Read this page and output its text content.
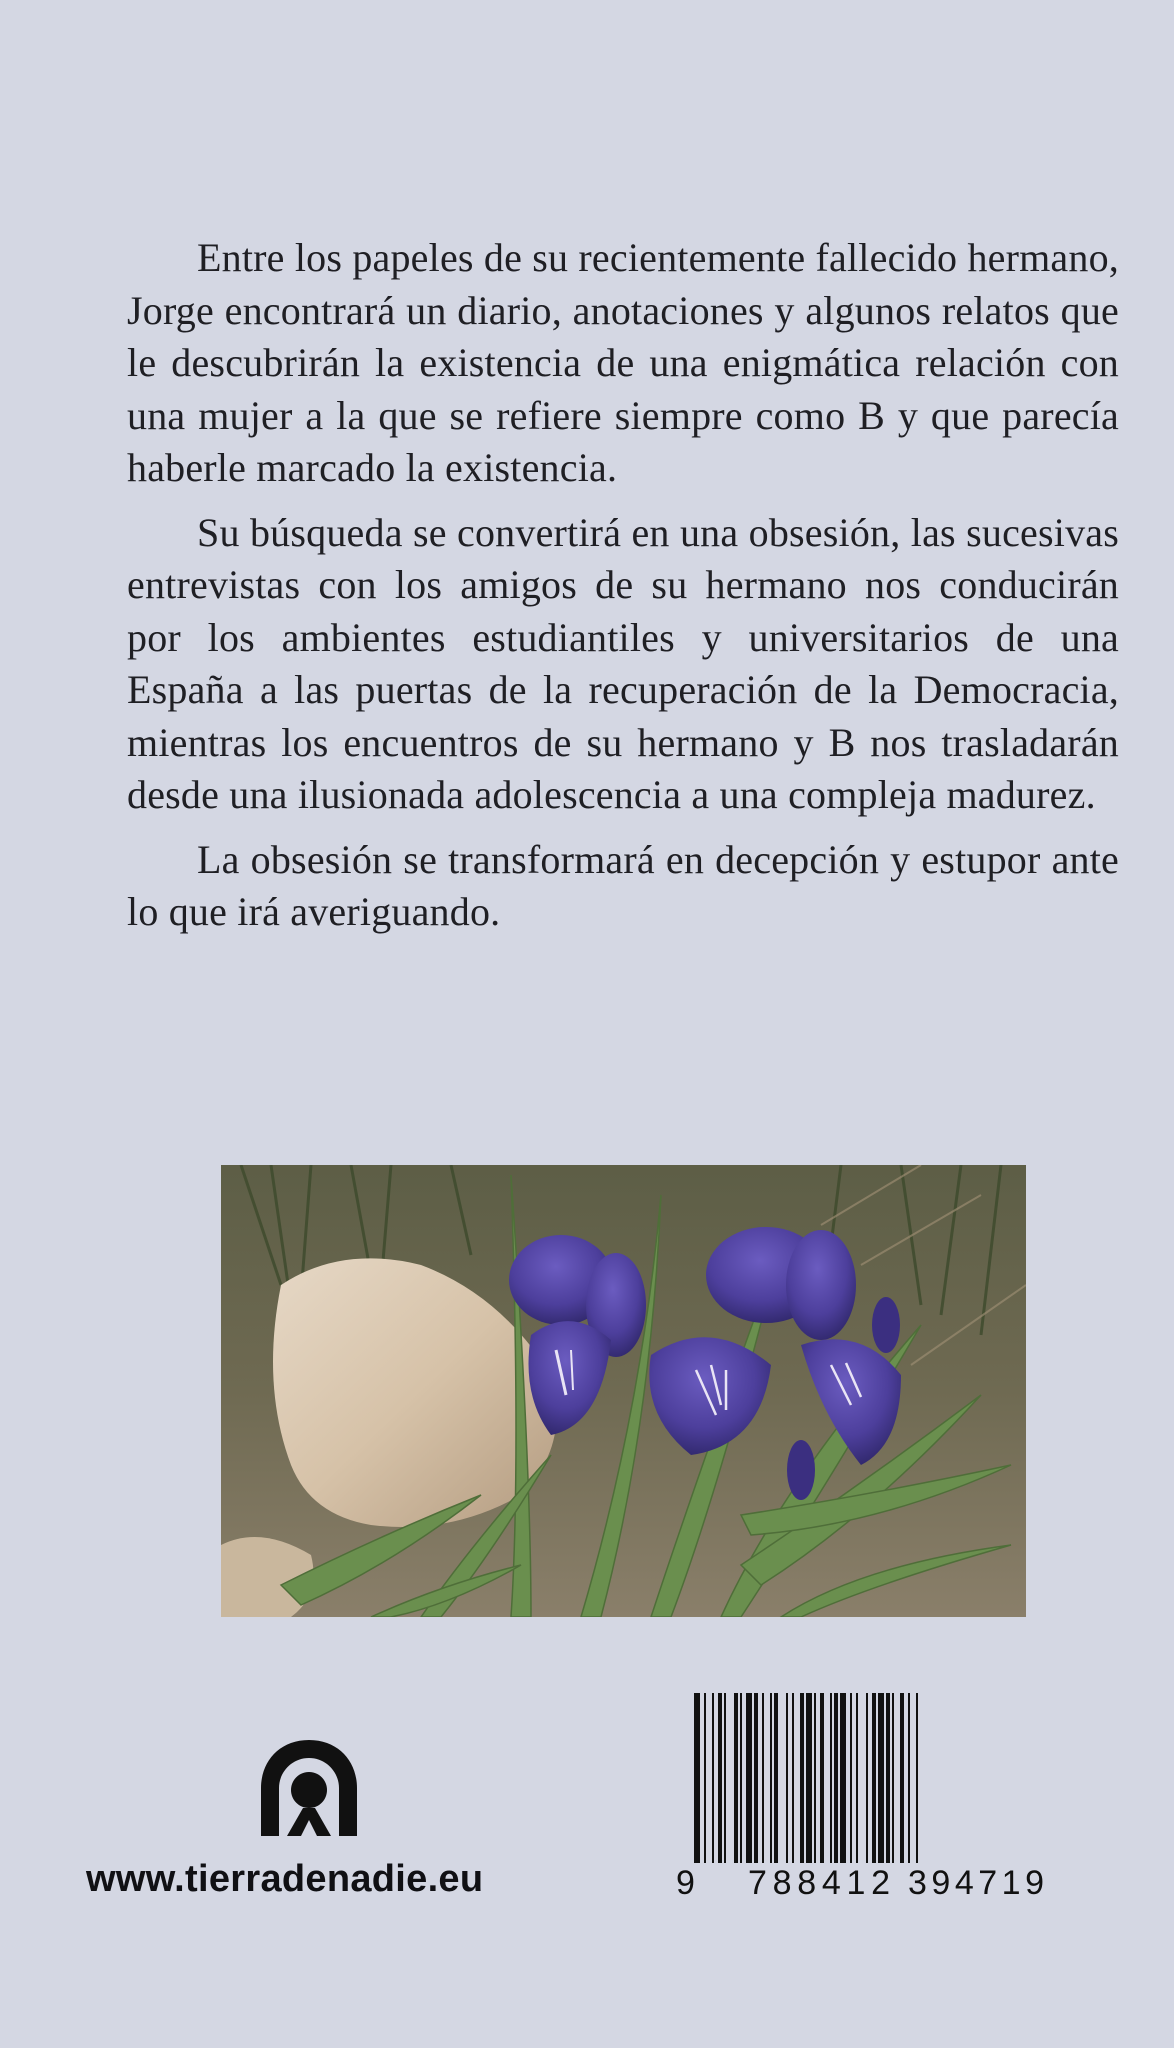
Entre los papeles de su recientemente fallecido hermano, Jorge encontrará un diario, anotaciones y algunos relatos que le descubrirán la existencia de una enigmática relación con una mujer a la que se refiere siempre como B y que parecía haberle marcado la existencia.

Su búsqueda se convertirá en una obsesión, las sucesivas entrevistas con los amigos de su hermano nos conducirán por los ambientes estudiantiles y universitarios de una España a las puertas de la recuperación de la Democracia, mientras los encuentros de su hermano y B nos trasladarán desde una ilusionada adolescencia a una compleja madurez.

La obsesión se transformará en decepción y estupor ante lo que irá averiguando.

www.tierradenadie.eu	9 788412 394719
